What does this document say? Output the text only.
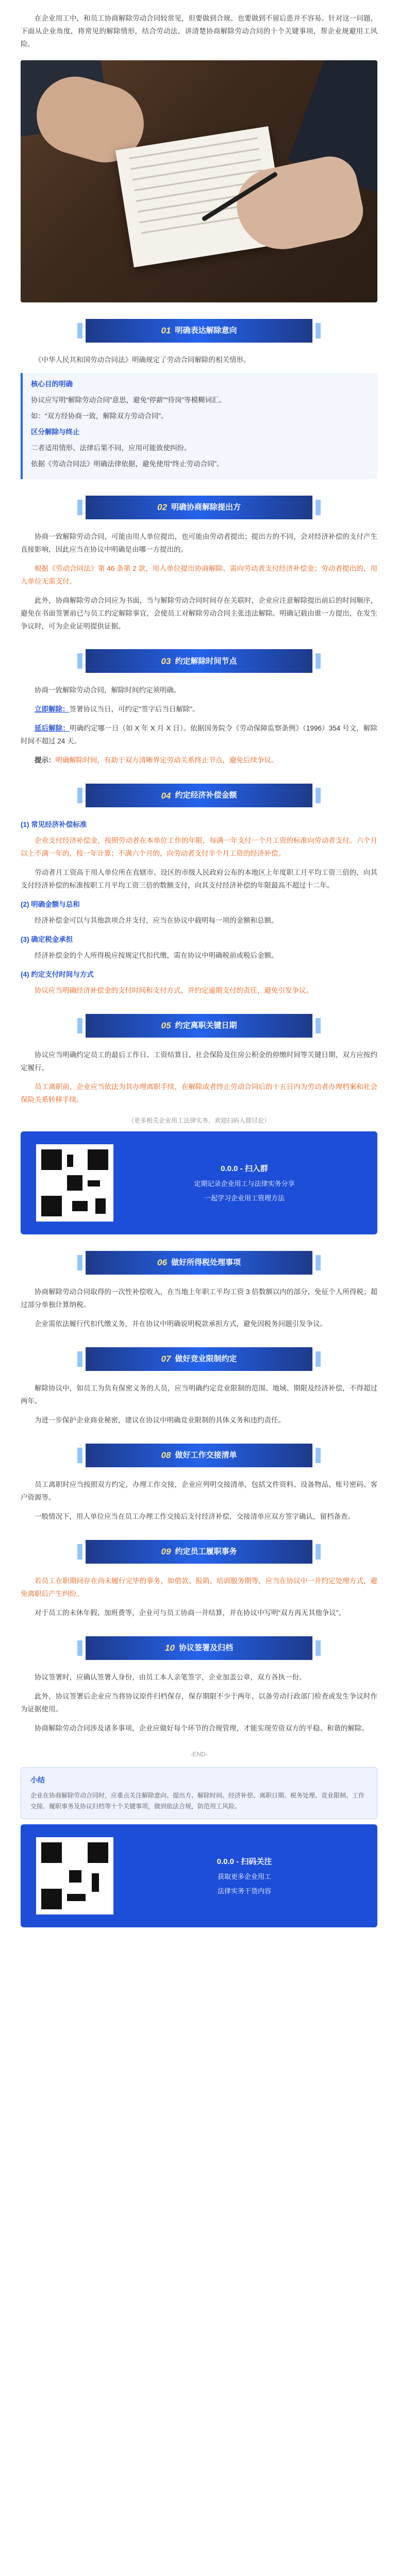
在企业用工中，和员工协商解除劳动合同较常见，但要做到合规、也要做到不留后患并不容易。针对这一问题，下面从企业角度，将常见的解除情形，结合劳动法、讲清楚协商解除劳动合同的十个关键事项，帮企业规避用工风险。

01 明确表达解除意向

《中华人民共和国劳动合同法》明确规定了劳动合同解除的相关情形。

核心目的明确

协议应写明“解除劳动合同”意思，避免“停薪”“待岗”等模糊词汇。

如：“双方经协商一致，解除双方劳动合同”。

区分解除与终止

二者适用情形、法律后果不同，应用可能致使纠纷。

依据《劳动合同法》明确法律依据，避免使用“终止劳动合同”。

02 明确协商解除提出方

协商一致解除劳动合同，可能由用人单位提出，也可能由劳动者提出；提出方的不同，会对经济补偿的支付产生直接影响，因此应当在协议中明确是由哪一方提出的。

根据《劳动合同法》第 46 条第 2 款，用人单位提出协商解除、需向劳动者支付经济补偿金；劳动者提出的，用人单位无需支付。

此外，协商解除劳动合同应为书面，当与解除劳动合同时间存在关联时，企业应注意解除提出前后的时间顺序，避免在书面签署前已与员工约定解除事宜，会使员工对解除劳动合同主张违法解除。明确记载由谁一方提出，在发生争议时，可为企业证明提供证据。

03 约定解除时间节点

协商一致解除劳动合同，解除时间约定须明确。

立即解除：签署协议当日，可约定“签字后当日解除”。

延后解除：明确约定哪一日（如 X 年 X 月 X 日）。依据国务院令《劳动保障监察条例》（1996）354 号文，解除时间不超过 24 天。

提示：明确解除时间，有助于双方清晰界定劳动关系终止节点，避免后续争议。

04 约定经济补偿金额

(1) 常见经济补偿标准

企业支付经济补偿金，按照劳动者在本单位工作的年限，每满一年支付一个月工资的标准向劳动者支付。六个月以上不满一年的，按一年计算；不满六个月的，向劳动者支付半个月工资的经济补偿。

劳动者月工资高于用人单位所在直辖市、设区的市级人民政府公布的本地区上年度职工月平均工资三倍的，向其支付经济补偿的标准按职工月平均工资三倍的数额支付，向其支付经济补偿的年限最高不超过十二年。

(2) 明确金额与总和

经济补偿金可以与其他款项合并支付，应当在协议中载明每一项的金额和总额。

(3) 确定税金承担

经济补偿金的个人所得税应按规定代扣代缴，需在协议中明确税前或税后金额。

(4) 约定支付时间与方式

协议应当明确经济补偿金的支付时间和支付方式，并约定逾期支付的责任，避免引发争议。

05 约定离职关键日期

协议应当明确约定员工的最后工作日、工资结算日、社会保险及住房公积金的停缴时间等关键日期，双方应按约定履行。

员工离职前，企业应当依法为其办理离职手续，在解除或者终止劳动合同后的十五日内为劳动者办理档案和社会保险关系转移手续。

（更多相关企业用工法律实务，欢迎扫码入群讨论）

0.0.0 - 扫入群
定期记录企业用工与法律实务分享
一起学习企业用工管理方法
06 做好所得税处理事项

协商解除劳动合同取得的一次性补偿收入，在当地上年职工平均工资 3 倍数额以内的部分，免征个人所得税；超过部分单独计算纳税。

企业需依法履行代扣代缴义务，并在协议中明确说明税款承担方式，避免因税务问题引发争议。

07 做好竞业限制约定

解除协议中，如员工为负有保密义务的人员，应当明确约定竞业限制的范围、地域、期限及经济补偿，不得超过两年。

为进一步保护企业商业秘密，建议在协议中明确竞业限制的具体义务和违约责任。

08 做好工作交接清单

员工离职时应当按照双方约定，办理工作交接，企业应列明交接清单，包括文件资料、设备物品、账号密码、客户资源等。

一般情况下，用人单位应当在员工办理工作交接后支付经济补偿，交接清单应双方签字确认，留档备查。

09 约定员工履职事务

若员工在职期间存在尚未履行完毕的事务，如借款、报销、培训服务期等，应当在协议中一并约定处理方式，避免离职后产生纠纷。

对于员工的未休年假、加班费等，企业可与员工协商一并结算，并在协议中写明“双方再无其他争议”。

10 协议签署及归档

协议签署时，应确认签署人身份，由员工本人亲笔签字，企业加盖公章，双方各执一份。

此外，协议签署后企业应当将协议原件归档保存，保存期限不少于两年，以备劳动行政部门检查或发生争议时作为证据使用。

协商解除劳动合同涉及诸多事项，企业应做好每个环节的合规管理，才能实现劳资双方的平稳、和谐的解除。

-END-

小结

企业在协商解除劳动合同时，应重点关注解除意向、提出方、解除时间、经济补偿、离职日期、税务处理、竞业限制、工作交接、履职事务及协议归档等十个关键事项，做到依法合规，防范用工风险。

0.0.0 - 扫码关注
获取更多企业用工
法律实务干货内容
